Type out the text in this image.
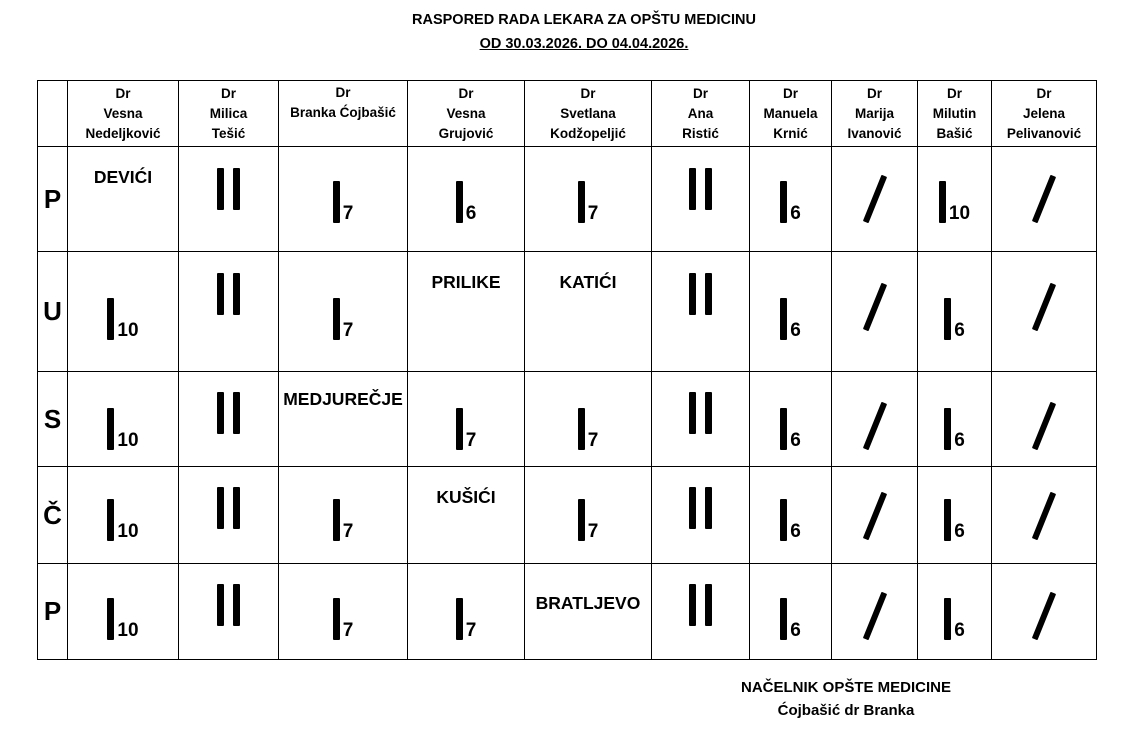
RASPORED RADA LEKARA ZA OPŠTU MEDICINU
OD 30.03.2026. DO 04.04.2026.
	Dr
Vesna
Nedeljković	Dr
Milica
Tešić	Dr
Branka Ćojbašić	Dr
Vesna
Grujović	Dr
Svetlana
Kodžopeljić	Dr
Ana
Ristić	Dr
Manuela
Krnić	Dr
Marija
Ivanović	Dr
Milutin
Bašić	Dr
Jelena
Pelivanović
P	DEVIĆI		7	6	7		6		10	

U	10		7	PRILIKE	KATIĆI		6		6	

S	10		MEDJUREČJE	7	7		6		6	

Č	10		7	KUŠIĆI	7		6		6	

P	10		7	7	BRATLJEVO		6		6	

NAČELNIK OPŠTE MEDICINE
Ćojbašić dr Branka
